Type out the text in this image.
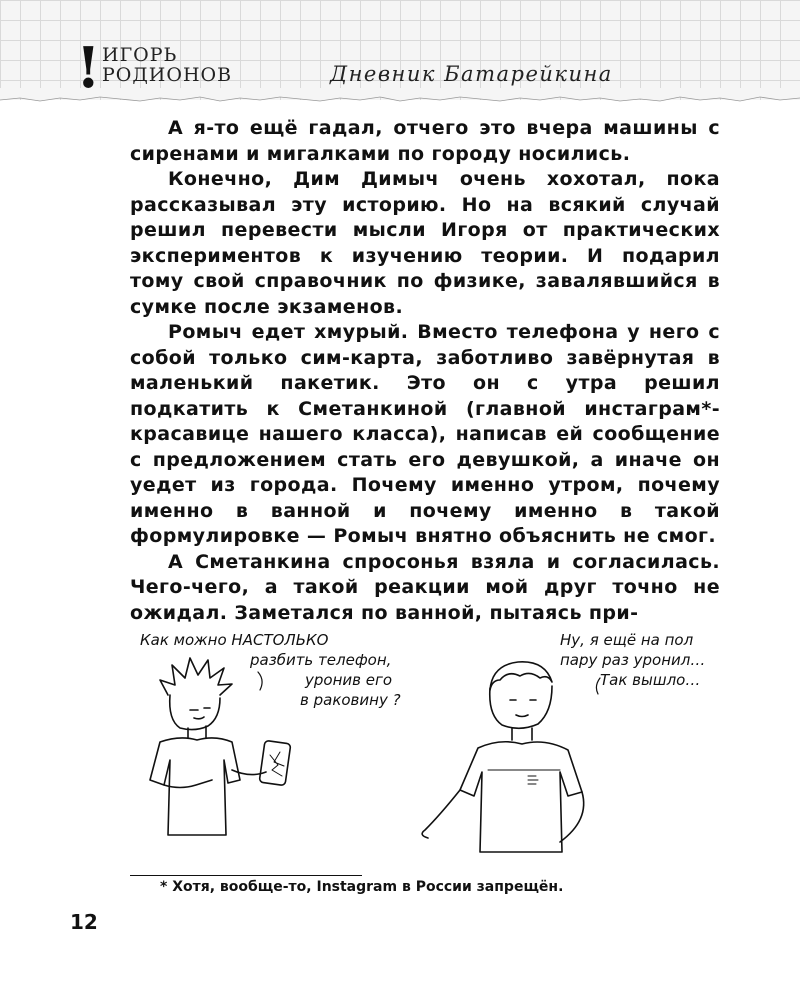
! ИГОРЬ
РОДИОНОВ	Дневник Батарейкина

А я-то ещё гадал, отчего это вчера машины с сиренами и мигалками по городу носились.

Конечно, Дим Димыч очень хохотал, пока рассказывал эту историю. Но на всякий случай решил перевести мысли Игоря от практических экспериментов к изучению теории. И подарил тому свой справочник по физике, завалявшийся в сумке после экзаменов.

Ромыч едет хмурый. Вместо телефона у него с собой только сим-карта, заботливо завёрнутая в маленький пакетик. Это он с утра решил подкатить к Сметанкиной (главной инстаграм*-красавице нашего класса), написав ей сообщение с предложением стать его девушкой, а иначе он уедет из города. Почему именно утром, почему именно в ванной и почему именно в такой формулировке — Ромыч внятно объяснить не смог.

А Сметанкина спросонья взяла и согласилась. Чего-чего, а такой реакции мой друг точно не ожидал. Заметался по ванной, пытаясь при-

Как можно НАСТОЛЬКО
разбить телефон,
уронив его
в раковину ?
Ну, я ещё на пол
пару раз уронил…
Так вышло…
* Хотя, вообще-то, Instagram в России запрещён.
12
